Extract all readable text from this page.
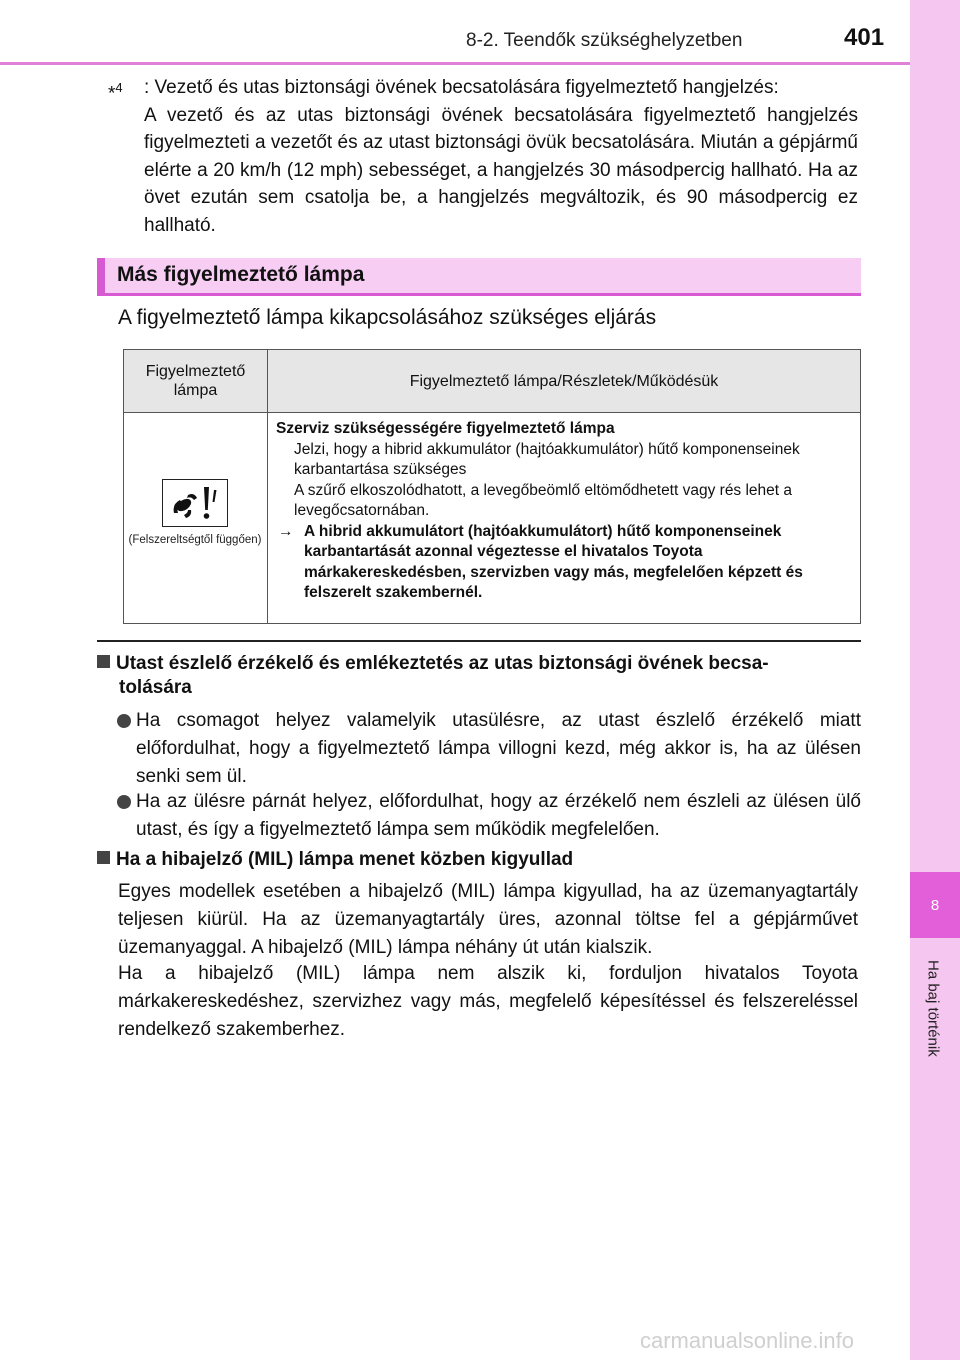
8
Ha baj történik
8-2. Teendők szükséghelyzetben	401
*$^4$ : Vezető és utas biztonsági övének becsatolására figyelmeztető hangjelzés:
A vezető és az utas biztonsági övének becsatolására figyelmeztető hangjelzés figyelmezteti a vezetőt és az utast biztonsági övük becsatolására. Miután a gépjármű elérte a 20 km/h (12 mph) sebességet, a hangjelzés 30 másodpercig hallható. Ha az övet ezután sem csatolja be, a hangjelzés megváltozik, és 90 másodpercig ez hallható.
Más figyelmeztető lámpa
A figyelmeztető lámpa kikapcsolásához szükséges eljárás
Figyelmeztető lámpa	Figyelmeztető lámpa/Részletek/Működésük

(Felszereltségtől függően)	Szerviz szükségességére figyelmeztető lámpa
Jelzi, hogy a hibrid akkumulátor (hajtóakkumulátor) hűtő komponenseinek karbantartása szükséges
A szűrő elkoszolódhatott, a levegőbeömlő eltömődhetett vagy rés lehet a levegőcsatornában.
→ A hibrid akkumulátort (hajtóakkumulátort) hűtő komponenseinek karbantartását azonnal végeztesse el hivatalos Toyota márkakereskedésben, szervizben vagy más, megfelelően képzett és felszerelt szakembernél.
Utast észlelő érzékelő és emlékeztetés az utas biztonsági övének becsa-
tolására
Ha csomagot helyez valamelyik utasülésre, az utast észlelő érzékelő miatt előfordulhat, hogy a figyelmeztető lámpa villogni kezd, még akkor is, ha az ülésen senki sem ül.
Ha az ülésre párnát helyez, előfordulhat, hogy az érzékelő nem észleli az ülésen ülő utast, és így a figyelmeztető lámpa sem működik megfelelően.
Ha a hibajelző (MIL) lámpa menet közben kigyullad
Egyes modellek esetében a hibajelző (MIL) lámpa kigyullad, ha az üzemanyagtartály teljesen kiürül. Ha az üzemanyagtartály üres, azonnal töltse fel a gépjárművet üzemanyaggal. A hibajelző (MIL) lámpa néhány út után kialszik.
Ha a hibajelző (MIL) lámpa nem alszik ki, forduljon hivatalos Toyota márkakereskedéshez, szervizhez vagy más, megfelelő képesítéssel és felszereléssel rendelkező szakemberhez.
carmanualsonline.info
